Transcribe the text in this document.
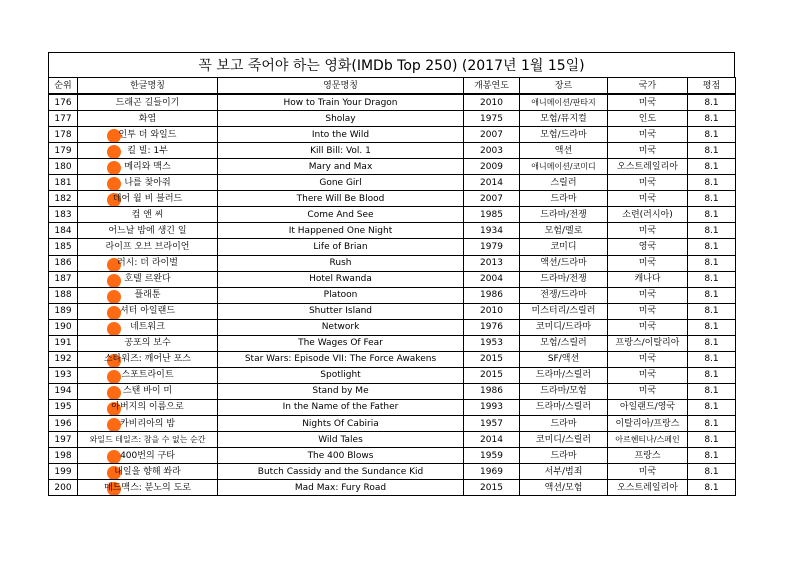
꼭 보고 죽어야 하는 영화(IMDb Top 250) (2017년 1월 15일)
순위	한글명칭	영문명칭	개봉연도	장르	국가	평점
176	드래곤 길들이기	How to Train Your Dragon	2010	애니메이션/판타지	미국	8.1
177	화염	Sholay	1975	모험/뮤지컬	인도	8.1
178	인투 더 와일드	Into the Wild	2007	모험/드라마	미국	8.1
179	킬 빌: 1부	Kill Bill: Vol. 1	2003	액션	미국	8.1
180	메리와 맥스	Mary and Max	2009	애니메이션/코미디	오스트레일리아	8.1
181	나를 찾아줘	Gone Girl	2014	스릴러	미국	8.1
182	데어 윌 비 블러드	There Will Be Blood	2007	드라마	미국	8.1
183	컴 앤 씨	Come And See	1985	드라마/전쟁	소련(러시아)	8.1
184	어느날 밤에 생긴 일	It Happened One Night	1934	모험/멜로	미국	8.1
185	라이프 오브 브라이언	Life of Brian	1979	코미디	영국	8.1
186	러시: 더 라이벌	Rush	2013	액션/드라마	미국	8.1
187	호텔 르완다	Hotel Rwanda	2004	드라마/전쟁	캐나다	8.1
188	플래툰	Platoon	1986	전쟁/드라마	미국	8.1
189	셔터 아일랜드	Shutter Island	2010	미스터리/스릴러	미국	8.1
190	네트워크	Network	1976	코미디/드라마	미국	8.1
191	공포의 보수	The Wages Of Fear	1953	모험/스릴러	프랑스/이탈리아	8.1
192	스타워즈: 깨어난 포스	Star Wars: Episode VII: The Force Awakens	2015	SF/액션	미국	8.1
193	스포트라이트	Spotlight	2015	드라마/스릴러	미국	8.1
194	스탠 바이 미	Stand by Me	1986	드라마/모험	미국	8.1
195	아버지의 이름으로	In the Name of the Father	1993	드라마/스릴러	아일랜드/영국	8.1
196	카비리아의 밤	Nights Of Cabiria	1957	드라마	이탈리아/프랑스	8.1
197	와일드 테일즈: 참을 수 없는 순간	Wild Tales	2014	코미디/스릴러	아르헨티나/스페인	8.1
198	400번의 구타	The 400 Blows	1959	드라마	프랑스	8.1
199	내일을 향해 쏴라	Butch Cassidy and the Sundance Kid	1969	서부/범죄	미국	8.1
200	매드맥스: 분노의 도로	Mad Max: Fury Road	2015	액션/모험	오스트레일리아	8.1
